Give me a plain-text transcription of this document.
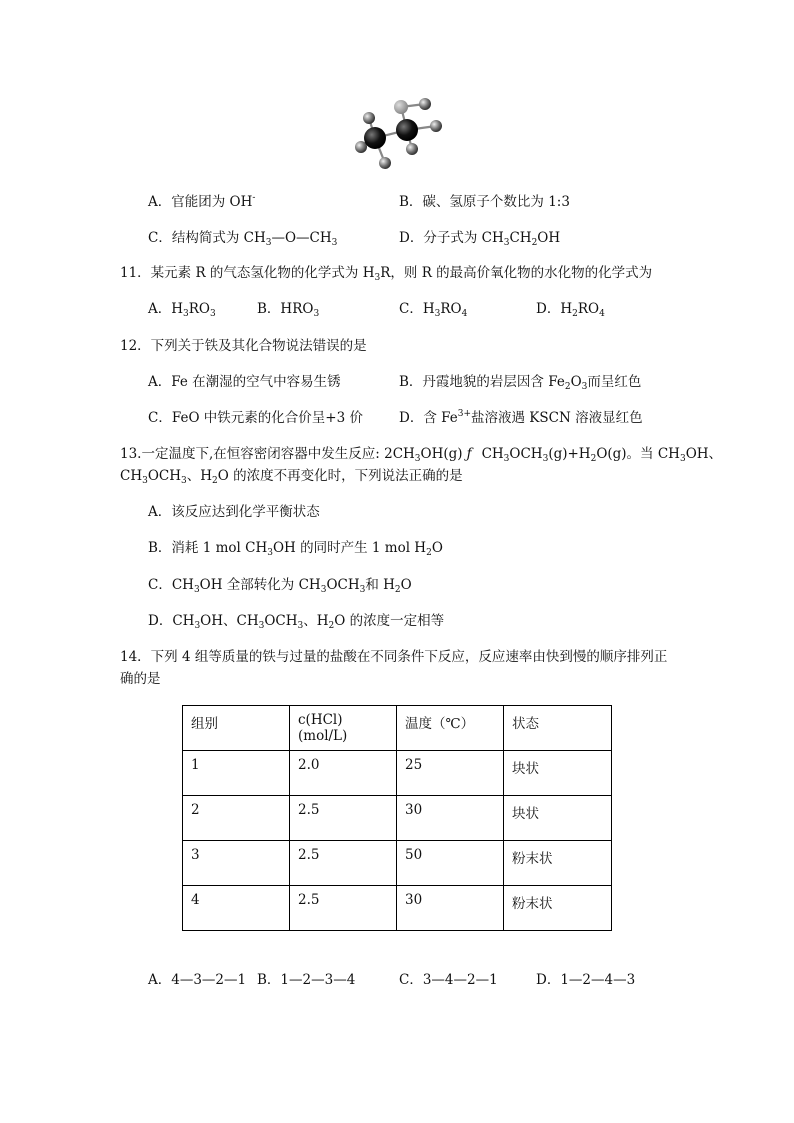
A．官能团为 OH-	B．碳、氢原子个数比为 1:3
C．结构简式为 $CH_3—O—CH_3$	D．分子式为 $CH_3CH_2OH$
11．某元素 R 的气态氢化物的化学式为 $H_3R$，则 R 的最高价氧化物的水化物的化学式为
A．$H_3RO_3$	B．$HRO_3$	C．$H_3RO_4$	D．$H_2RO_4$
12．下列关于铁及其化合物说法错误的是
A．Fe 在潮湿的空气中容易生锈	B．丹霞地貌的岩层因含 $Fe_2O_3$而呈红色
C．FeO 中铁元素的化合价呈+3 价	D．含 $Fe^{3+}$盐溶液遇 KSCN 溶液显红色
13.一定温度下,在恒容密闭容器中发生反应: $2CH_3OH(g)$ ƒ $CH_3OCH_3(g)+H_2O(g)$。当 $CH_3OH$、
$CH_3OCH_3$、$H_2O$ 的浓度不再变化时，下列说法正确的是
A．该反应达到化学平衡状态
B．消耗 1 mol $CH_3OH$ 的同时产生 1 mol $H_2O$
C．$CH_3OH$ 全部转化为 $CH_3OCH_3$和 $H_2O$
D．$CH_3OH$、$CH_3OCH_3$、$H_2O$ 的浓度一定相等
14．下列 4 组等质量的铁与过量的盐酸在不同条件下反应，反应速率由快到慢的顺序排列正
确的是
组别	c(HCl)(mol/L)	温度（℃）	状态
1	2.0	25	块状
2	2.5	30	块状
3	2.5	50	粉末状
4	2.5	30	粉末状
A．4—3—2—1 B．1—2—3—4	C．3—4—2—1	D．1—2—4—3
